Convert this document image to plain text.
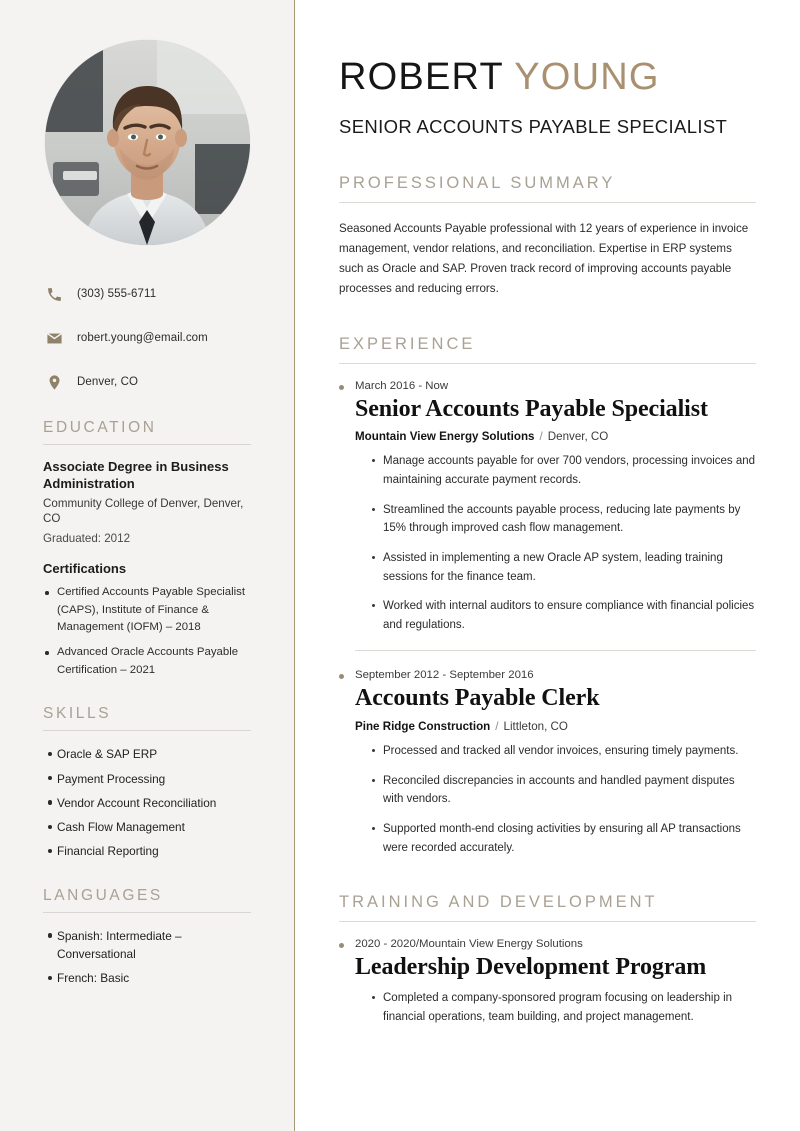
(303) 555-6711
robert.young@email.com
Denver, CO
EDUCATION
Associate Degree in Business Administration
Community College of Denver, Denver, CO
Graduated: 2012
Certifications
Certified Accounts Payable Specialist (CAPS), Institute of Finance & Management (IOFM) – 2018
Advanced Oracle Accounts Payable Certification – 2021
SKILLS
Oracle & SAP ERP
Payment Processing
Vendor Account Reconciliation
Cash Flow Management
Financial Reporting
LANGUAGES
Spanish: Intermediate – Conversational
French: Basic
ROBERT YOUNG
SENIOR ACCOUNTS PAYABLE SPECIALIST
PROFESSIONAL SUMMARY

Seasoned Accounts Payable professional with 12 years of experience in invoice management, vendor relations, and reconciliation. Expertise in ERP systems such as Oracle and SAP. Proven track record of improving accounts payable processes and reducing errors.

EXPERIENCE
March 2016 - Now
Senior Accounts Payable Specialist
Mountain View Energy Solutions / Denver, CO
Manage accounts payable for over 700 vendors, processing invoices and maintaining accurate payment records.
Streamlined the accounts payable process, reducing late payments by 15% through improved cash flow management.
Assisted in implementing a new Oracle AP system, leading training sessions for the finance team.
Worked with internal auditors to ensure compliance with financial policies and regulations.
September 2012 - September 2016
Accounts Payable Clerk
Pine Ridge Construction / Littleton, CO
Processed and tracked all vendor invoices, ensuring timely payments.
Reconciled discrepancies in accounts and handled payment disputes with vendors.
Supported month-end closing activities by ensuring all AP transactions were recorded accurately.
TRAINING AND DEVELOPMENT
2020 - 2020/Mountain View Energy Solutions
Leadership Development Program
Completed a company-sponsored program focusing on leadership in financial operations, team building, and project management.
